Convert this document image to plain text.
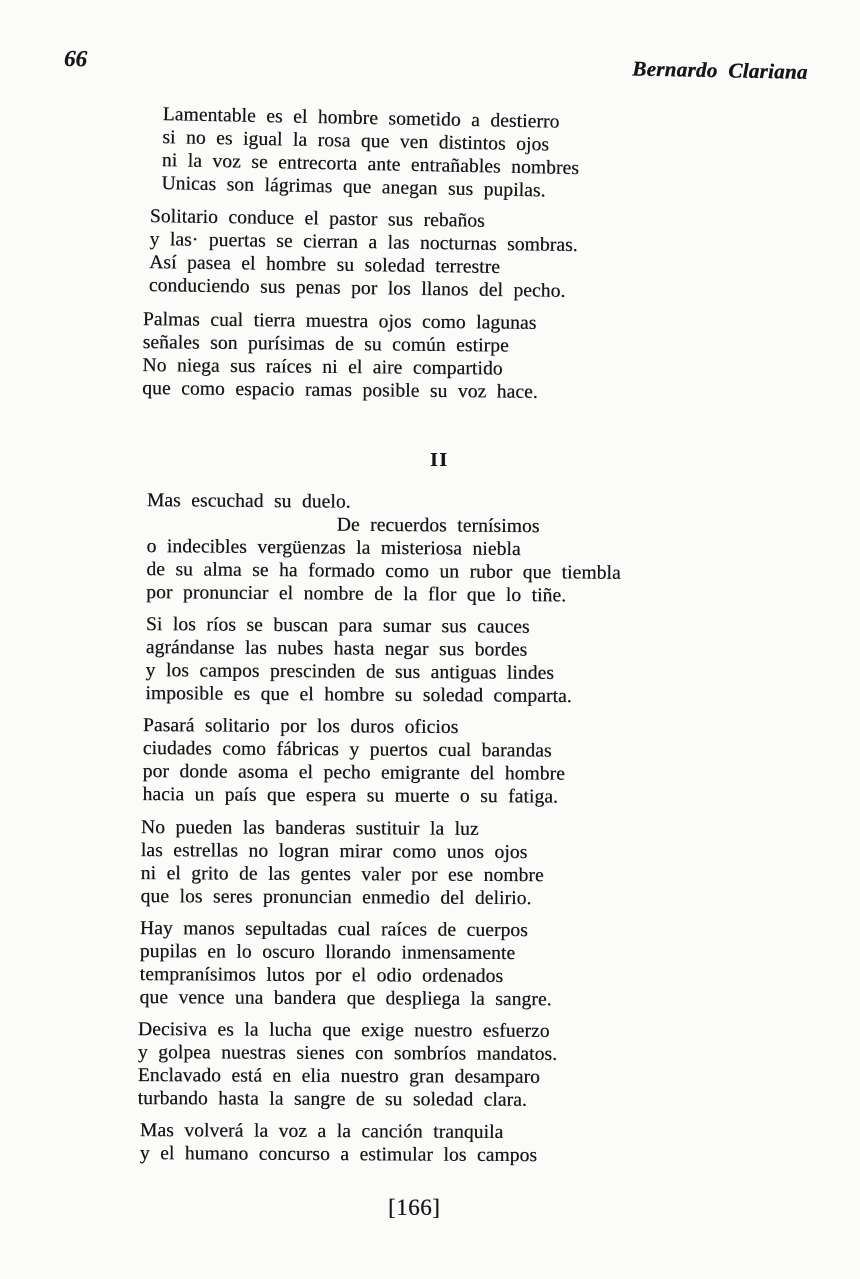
66	Bernardo Clariana
Lamentable es el hombre sometido a destierro
si no es igual la rosa que ven distintos ojos
ni la voz se entrecorta ante entrañables nombres
Unicas son lágrimas que anegan sus pupilas.
Solitario conduce el pastor sus rebaños
y las· puertas se cierran a las nocturnas sombras.
Así pasea el hombre su soledad terrestre
conduciendo sus penas por los llanos del pecho.
Palmas cual tierra muestra ojos como lagunas
señales son purísimas de su común estirpe
No niega sus raíces ni el aire compartido
que como espacio ramas posible su voz hace.
II
Mas escuchad su duelo.
De recuerdos ternísimos
o indecibles vergüenzas la misteriosa niebla
de su alma se ha formado como un rubor que tiembla
por pronunciar el nombre de la flor que lo tiñe.
Si los ríos se buscan para sumar sus cauces
agrándanse las nubes hasta negar sus bordes
y los campos prescinden de sus antiguas lindes
imposible es que el hombre su soledad comparta.
Pasará solitario por los duros oficios
ciudades como fábricas y puertos cual barandas
por donde asoma el pecho emigrante del hombre
hacia un país que espera su muerte o su fatiga.
No pueden las banderas sustituir la luz
las estrellas no logran mirar como unos ojos
ni el grito de las gentes valer por ese nombre
que los seres pronuncian enmedio del delirio.
Hay manos sepultadas cual raíces de cuerpos
pupilas en lo oscuro llorando inmensamente
tempranísimos lutos por el odio ordenados
que vence una bandera que despliega la sangre.
Decisiva es la lucha que exige nuestro esfuerzo
y golpea nuestras sienes con sombríos mandatos.
Enclavado está en elia nuestro gran desamparo
turbando hasta la sangre de su soledad clara.
Mas volverá la voz a la canción tranquila
y el humano concurso a estimular los campos
[166]
